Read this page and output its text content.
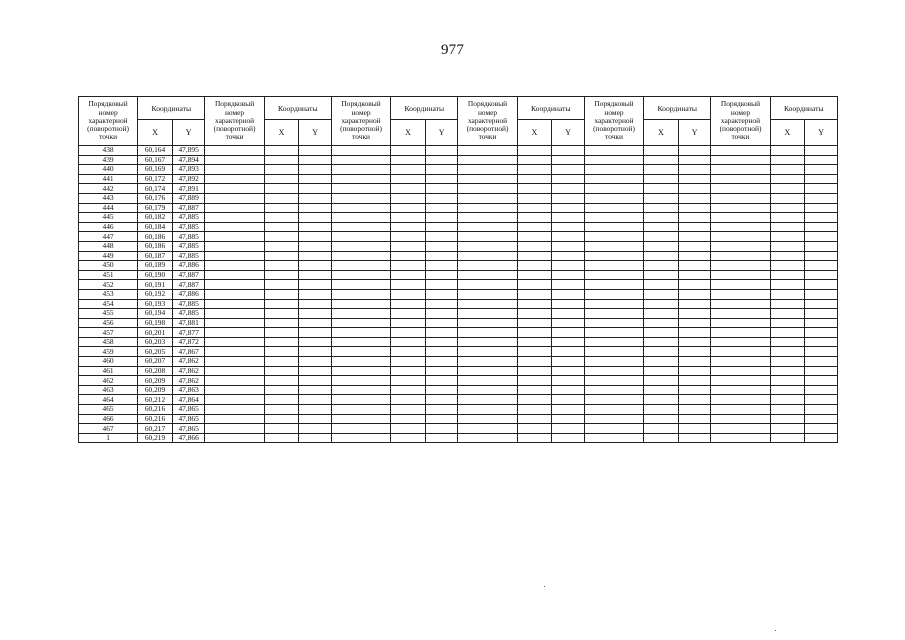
977
Порядковый номер характерной (поворотной) точки	Координаты		Порядковый номер характерной (поворотной) точки	Координаты		Порядковый номер характерной (поворотной) точки	Координаты		Порядковый номер характерной (поворотной) точки	Координаты		Порядковый номер характерной (поворотной) точки	Координаты		Порядковый номер характерной (поворотной) точки	Координаты	
	X	Y		X	Y		X	Y		X	Y		X	Y		X	Y
438	60,164	47,895															
439	60,167	47,894															
440	60,169	47,893															
441	60,172	47,892															
442	60,174	47,891															
443	60,176	47,889															
444	60,179	47,887															
445	60,182	47,885															
446	60,184	47,885															
447	60,186	47,885															
448	60,186	47,885															
449	60,187	47,885															
450	60,189	47,886															
451	60,190	47,887															
452	60,191	47,887															
453	60,192	47,886															
454	60,193	47,885															
455	60,194	47,885															
456	60,198	47,881															
457	60,201	47,877															
458	60,203	47,872															
459	60,205	47,867															
460	60,207	47,862															
461	60,208	47,862															
462	60,209	47,862															
463	60,209	47,863															
464	60,212	47,864															
465	60,216	47,865															
466	60,216	47,865															
467	60,217	47,865															
1	60,219	47,866															
